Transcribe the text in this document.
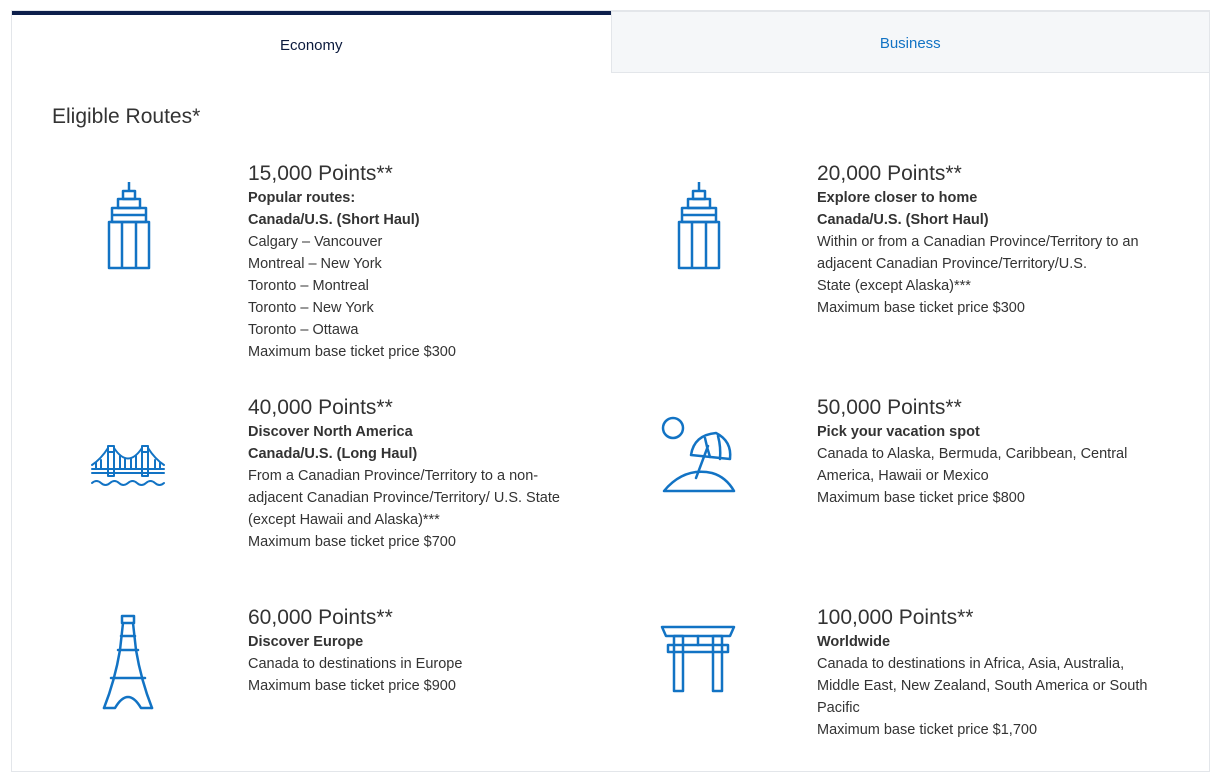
Economy	Business
Eligible Routes*
15,000 Points**
Popular routes:
Canada/U.S. (Short Haul)
Calgary – Vancouver
Montreal – New York
Toronto – Montreal
Toronto – New York
Toronto – Ottawa
Maximum base ticket price $300
20,000 Points**
Explore closer to home
Canada/U.S. (Short Haul)
Within or from a Canadian Province/Territory to an
adjacent Canadian Province/Territory/U.S.
State (except Alaska)***
Maximum base ticket price $300
40,000 Points**
Discover North America
Canada/U.S. (Long Haul)
From a Canadian Province/Territory to a non-
adjacent Canadian Province/Territory/ U.S. State
(except Hawaii and Alaska)***
Maximum base ticket price $700
50,000 Points**
Pick your vacation spot
Canada to Alaska, Bermuda, Caribbean, Central
America, Hawaii or Mexico
Maximum base ticket price $800
60,000 Points**
Discover Europe
Canada to destinations in Europe
Maximum base ticket price $900
100,000 Points**
Worldwide
Canada to destinations in Africa, Asia, Australia,
Middle East, New Zealand, South America or South
Pacific
Maximum base ticket price $1,700
